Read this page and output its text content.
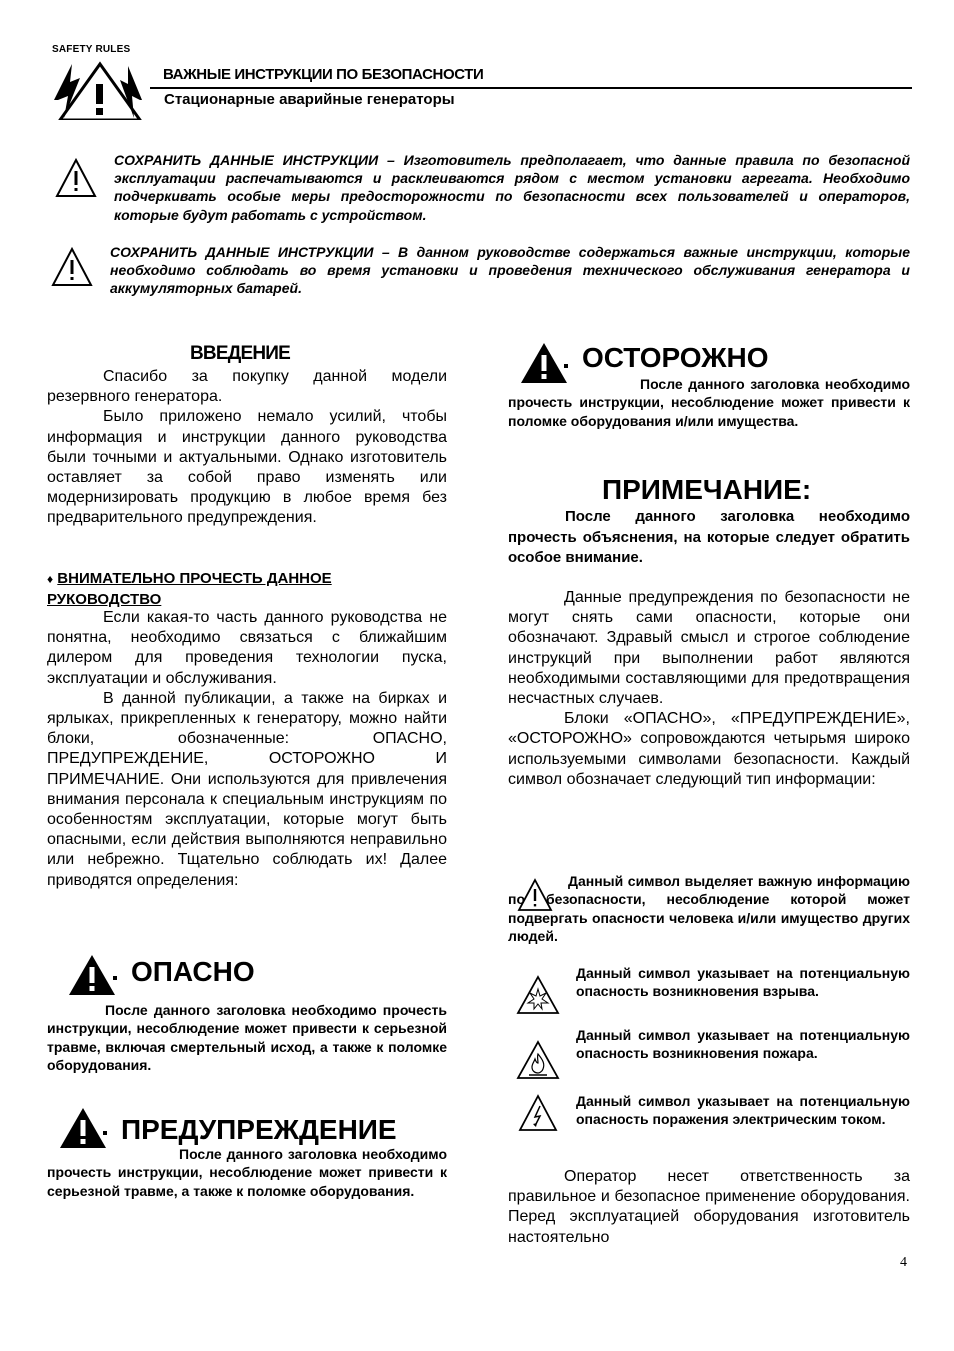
SAFETY RULES
ВАЖНЫЕ ИНСТРУКЦИИ ПО БЕЗОПАСНОСТИ
Стационарные аварийные генераторы
СОХРАНИТЬ ДАННЫЕ ИНСТРУКЦИИ – Изготовитель предполагает, что данные правила по безопасной эксплуатации распечатываются и расклеиваются рядом с местом установки агрегата. Необходимо подчеркивать особые меры предосторожности по безопасности всех пользователей и операторов, которые будут работать с устройством.
СОХРАНИТЬ ДАННЫЕ ИНСТРУКЦИИ – В данном руководстве содержаться важные инструкции, которые необходимо соблюдать во время установки и проведения технического обслуживания генератора и аккумуляторных батарей.
ВВЕДЕНИЕ

Спасибо за покупку данной модели резервного генератора.

Было приложено немало усилий, чтобы информация и инструкции данного руководства были точными и актуальными. Однако изготовитель оставляет за собой право изменять или модернизировать продукцию в любое время без предварительного предупреждения.

♦ ВНИМАТЕЛЬНО ПРОЧЕСТЬ ДАННОЕ РУКОВОДСТВО

Если какая-то часть данного руководства не понятна, необходимо связаться с ближайшим дилером для проведения технологии пуска, эксплуатации и обслуживания.

В данной публикации, а также на бирках и ярлыках, прикрепленных к генератору, можно найти блоки, обозначенные: ОПАСНО, ПРЕДУПРЕЖДЕНИЕ, ОСТОРОЖНО И ПРИМЕЧАНИЕ. Они используются для привлечения внимания персонала к специальным инструкциям по особенностям эксплуатации, которые могут быть опасными, если действия выполняются неправильно или небрежно. Тщательно соблюдать их! Далее приводятся определения:

ОПАСНО
После данного заголовка необходимо прочесть инструкции, несоблюдение может привести к серьезной травме, включая смертельный исход, а также к поломке оборудования.
ПРЕДУПРЕЖДЕНИЕ
После данного заголовка необходимо прочесть инструкции, несоблюдение может привести к серьезной травме, а также к поломке оборудования.
ОСТОРОЖНО
После данного заголовка необходимо прочесть инструкции, несоблюдение может привести к поломке оборудования и/или имущества.
ПРИМЕЧАНИЕ:
После данного заголовка необходимо прочесть объяснения, на которые следует обратить особое внимание.

Данные предупреждения по безопасности не могут снять сами опасности, которые они обозначают. Здравый смысл и строгое соблюдение инструкций при выполнении работ являются необходимыми составляющими для предотвращения несчастных случаев.

Блоки «ОПАСНО», «ПРЕДУПРЕЖДЕНИЕ», «ОСТОРОЖНО» сопровождаются четырьмя широко используемыми символами безопасности. Каждый символ обозначает следующий тип информации:

Данный символ выделяет важную информацию по безопасности, несоблюдение которой может подвергать опасности человека и/или имущество других людей.
Данный символ указывает на потенциальную опасность возникновения взрыва.
Данный символ указывает на потенциальную опасность возникновения пожара.
Данный символ указывает на потенциальную опасность поражения электрическим током.
Оператор несет ответственность за правильное и безопасное применение оборудования. Перед эксплуатацией оборудования изготовитель настоятельно
4
